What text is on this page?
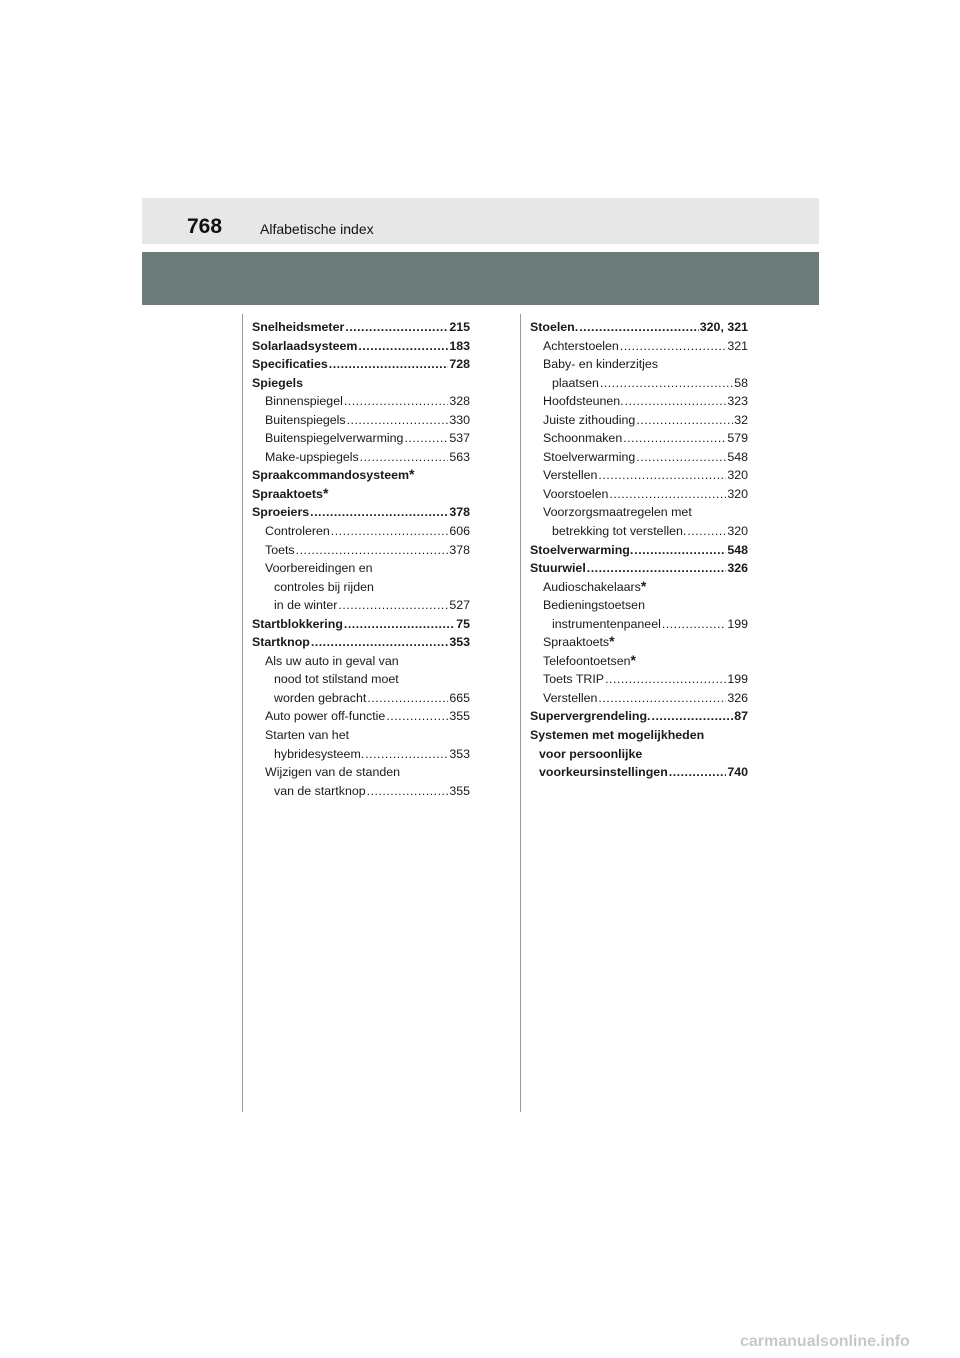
768	Alfabetische index
Snelheidsmeter .....	215
Solarlaadsysteem .....	183
Specificaties .....	728
Spiegels
Binnenspiegel .....	328
Buitenspiegels .....	330
Buitenspiegelverwarming .....	537
Make-upspiegels .....	563
Spraakcommandosysteem *
Spraaktoets *
Sproeiers .....	378
Controleren .....	606
Toets .....	378
Voorbereidingen en
controles bij rijden
in de winter .....	527
Startblokkering .....	75
Startknop .....	353
Als uw auto in geval van
nood tot stilstand moet
worden gebracht .....	665
Auto power off-functie .....	355
Starten van het
hybridesysteem. .....	353
Wijzigen van de standen
van de startknop .....	355
Stoelen. .....	320, 321
Achterstoelen .....	321
Baby- en kinderzitjes
plaatsen .....	58
Hoofdsteunen. .....	323
Juiste zithouding .....	32
Schoonmaken .....	579
Stoelverwarming .....	548
Verstellen .....	320
Voorstoelen .....	320
Voorzorgsmaatregelen met
betrekking tot verstellen. .....	320
Stoelverwarming. .....	548
Stuurwiel .....	326
Audioschakelaars *
Bedieningstoetsen
instrumentenpaneel .....	199
Spraaktoets *
Telefoontoetsen *
Toets TRIP .....	199
Verstellen .....	326
Supervergrendeling. .....	87
Systemen met mogelijkheden
voor persoonlijke
voorkeursinstellingen .....	740
carmanualsonline.info
